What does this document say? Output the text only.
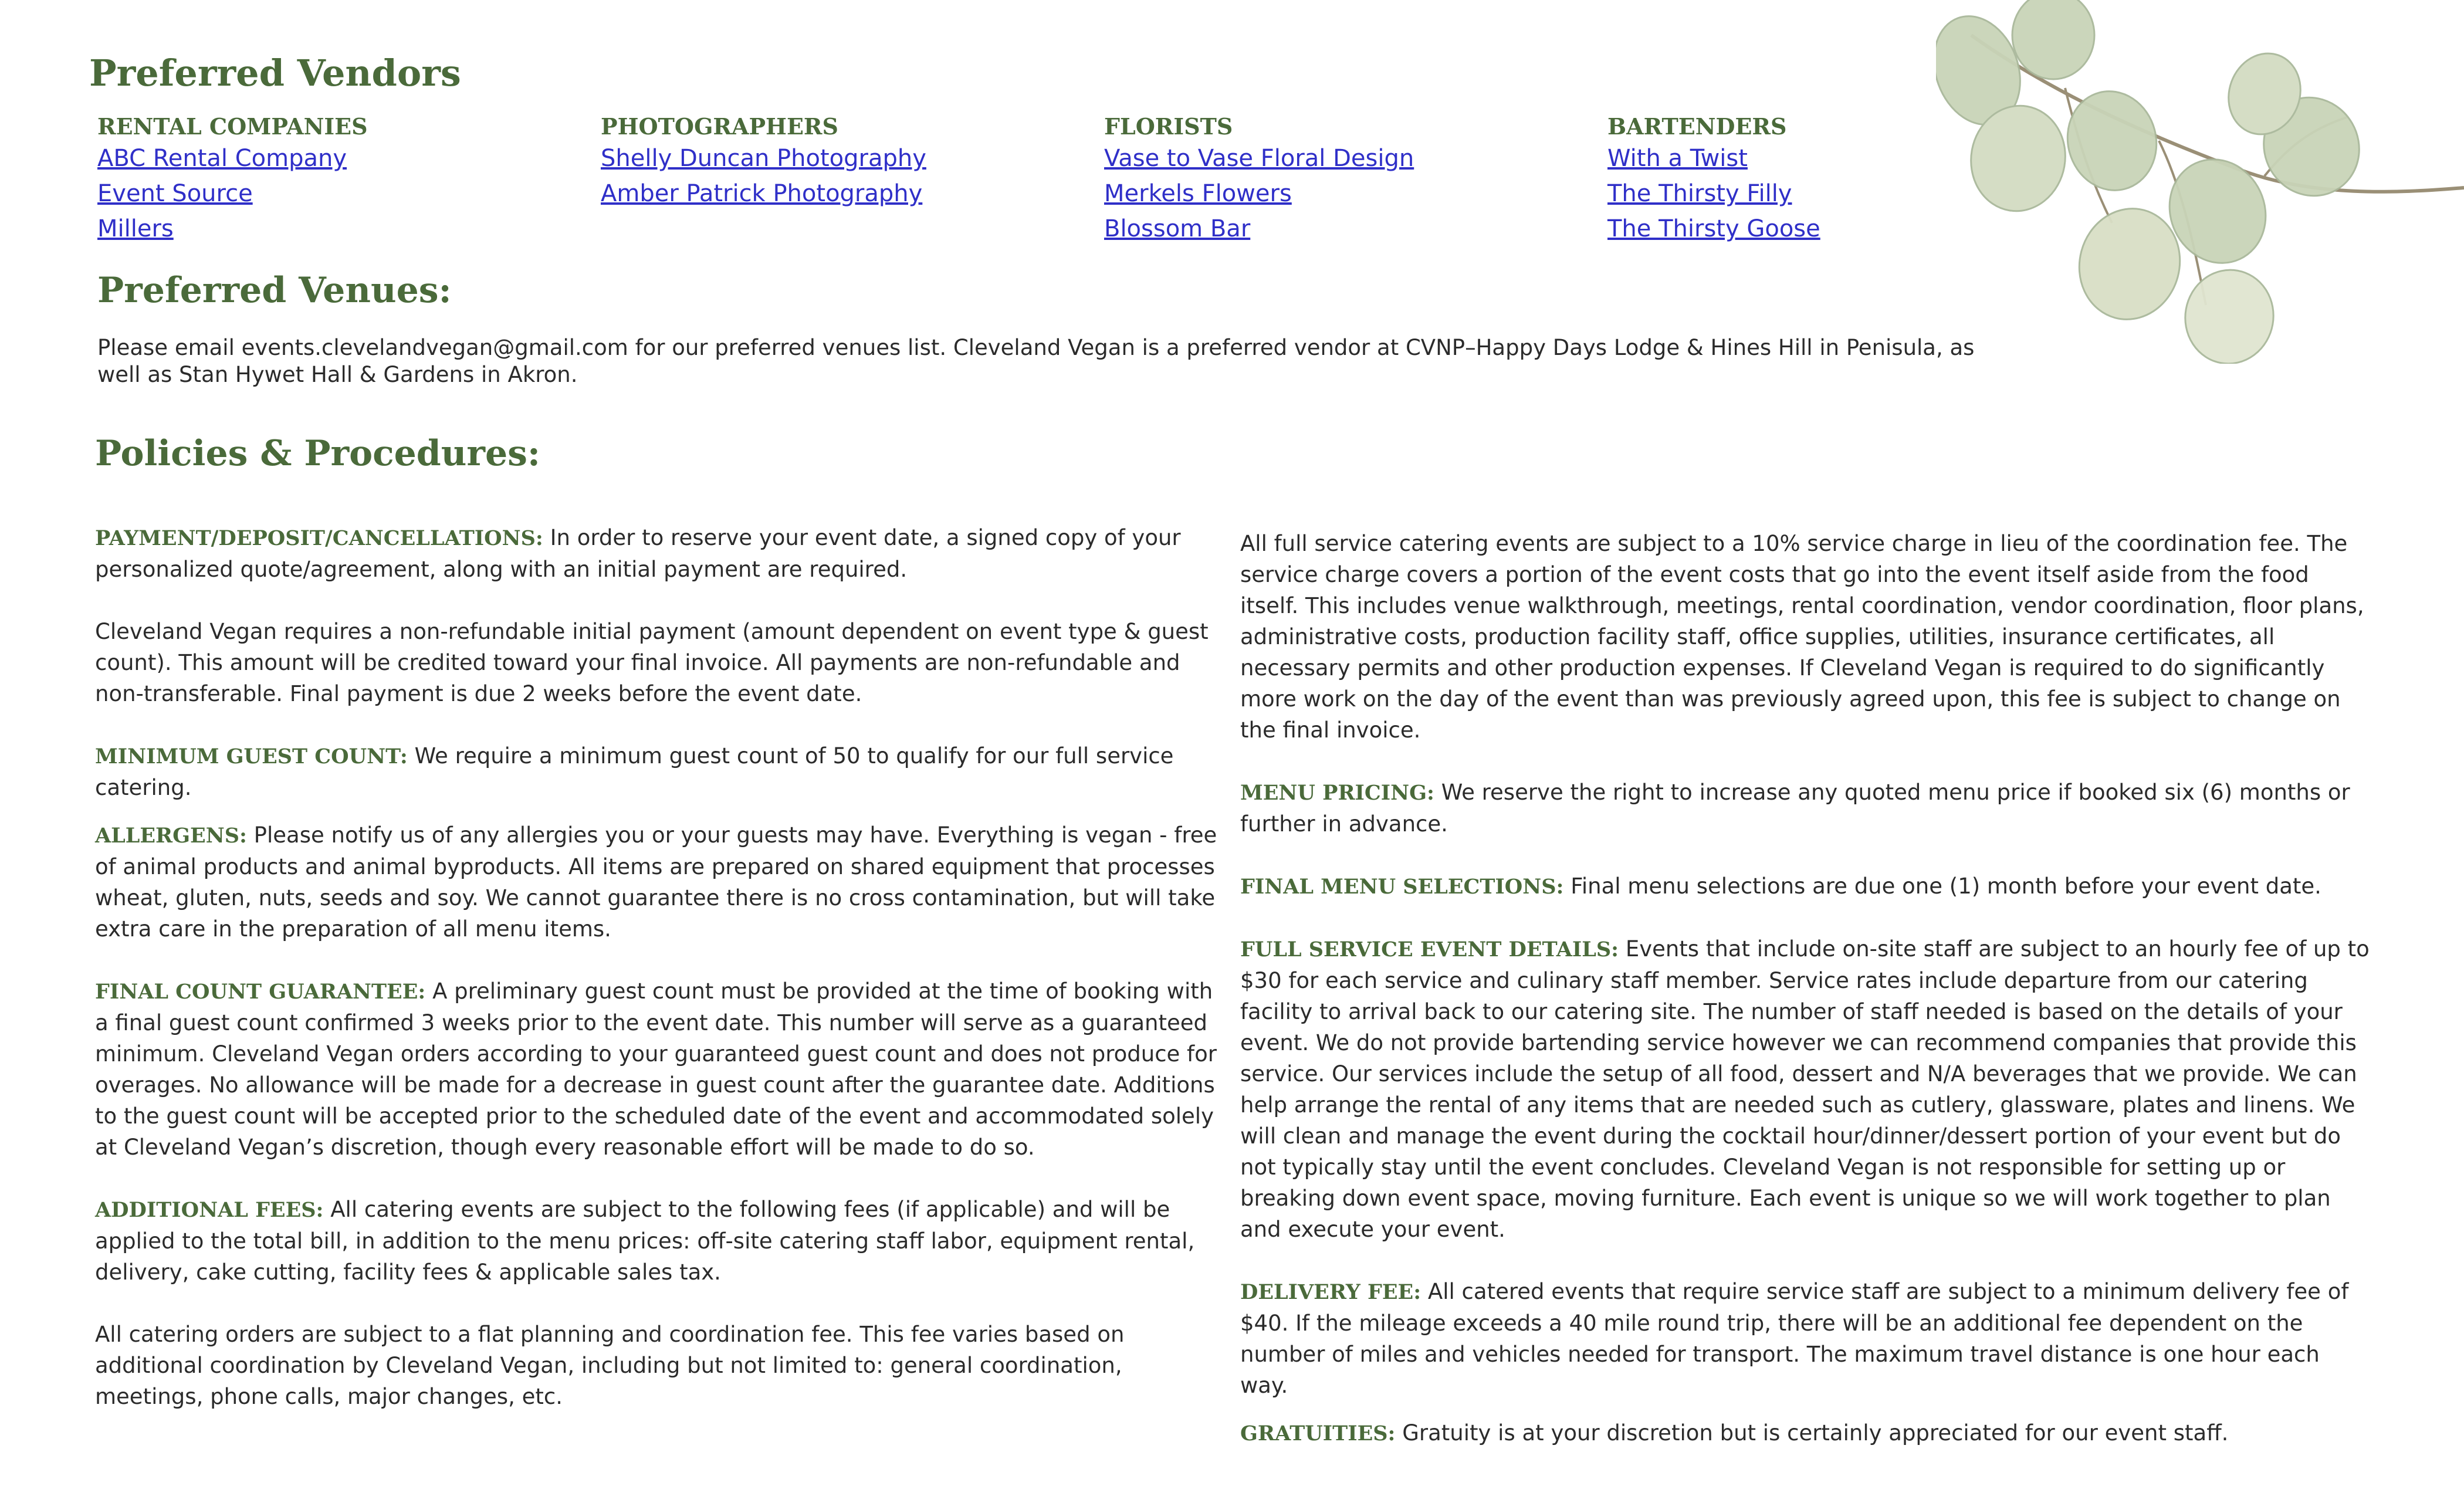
Preferred Vendors
RENTAL COMPANIES
ABC Rental Company
Event Source
Millers
PHOTOGRAPHERS
Shelly Duncan Photography
Amber Patrick Photography
FLORISTS
Vase to Vase Floral Design
Merkels Flowers
Blossom Bar
BARTENDERS
With a Twist
The Thirsty Filly
The Thirsty Goose
Preferred Venues:

Please email events.clevelandvegan@gmail.com for our preferred venues list. Cleveland Vegan is a preferred vendor at CVNP–Happy Days Lodge & Hines Hill in Penisula, as well as Stan Hywet Hall & Gardens in Akron.

Policies & Procedures:

PAYMENT/DEPOSIT/CANCELLATIONS: In order to reserve your event date, a signed copy of your personalized quote/agreement, along with an initial payment are required.

Cleveland Vegan requires a non-refundable initial payment (amount dependent on event type & guest count). This amount will be credited toward your final invoice. All payments are non-refundable and non-transferable. Final payment is due 2 weeks before the event date.

MINIMUM GUEST COUNT: We require a minimum guest count of 50 to qualify for our full service catering.

ALLERGENS: Please notify us of any allergies you or your guests may have. Everything is vegan - free of animal products and animal byproducts. All items are prepared on shared equipment that processes wheat, gluten, nuts, seeds and soy. We cannot guarantee there is no cross contamination, but will take extra care in the preparation of all menu items.

FINAL COUNT GUARANTEE: A preliminary guest count must be provided at the time of booking with a final guest count confirmed 3 weeks prior to the event date. This number will serve as a guaranteed minimum. Cleveland Vegan orders according to your guaranteed guest count and does not produce for overages. No allowance will be made for a decrease in guest count after the guarantee date. Additions to the guest count will be accepted prior to the scheduled date of the event and accommodated solely at Cleveland Vegan’s discretion, though every reasonable effort will be made to do so.

ADDITIONAL FEES: All catering events are subject to the following fees (if applicable) and will be applied to the total bill, in addition to the menu prices: off-site catering staff labor, equipment rental, delivery, cake cutting, facility fees & applicable sales tax.

All catering orders are subject to a flat planning and coordination fee. This fee varies based on additional coordination by Cleveland Vegan, including but not limited to: general coordination, meetings, phone calls, major changes, etc.

All full service catering events are subject to a 10% service charge in lieu of the coordination fee. The service charge covers a portion of the event costs that go into the event itself aside from the food itself. This includes venue walkthrough, meetings, rental coordination, vendor coordination, floor plans, administrative costs, production facility staff, office supplies, utilities, insurance certificates, all necessary permits and other production expenses. If Cleveland Vegan is required to do significantly more work on the day of the event than was previously agreed upon, this fee is subject to change on the final invoice.

MENU PRICING: We reserve the right to increase any quoted menu price if booked six (6) months or further in advance.

FINAL MENU SELECTIONS: Final menu selections are due one (1) month before your event date.

FULL SERVICE EVENT DETAILS: Events that include on-site staff are subject to an hourly fee of up to $30 for each service and culinary staff member. Service rates include departure from our catering facility to arrival back to our catering site. The number of staff needed is based on the details of your event. We do not provide bartending service however we can recommend companies that provide this service. Our services include the setup of all food, dessert and N/A beverages that we provide. We can help arrange the rental of any items that are needed such as cutlery, glassware, plates and linens. We will clean and manage the event during the cocktail hour/dinner/dessert portion of your event but do not typically stay until the event concludes. Cleveland Vegan is not responsible for setting up or breaking down event space, moving furniture. Each event is unique so we will work together to plan and execute your event.

DELIVERY FEE: All catered events that require service staff are subject to a minimum delivery fee of $40. If the mileage exceeds a 40 mile round trip, there will be an additional fee dependent on the number of miles and vehicles needed for transport. The maximum travel distance is one hour each way.

GRATUITIES: Gratuity is at your discretion but is certainly appreciated for our event staff.
